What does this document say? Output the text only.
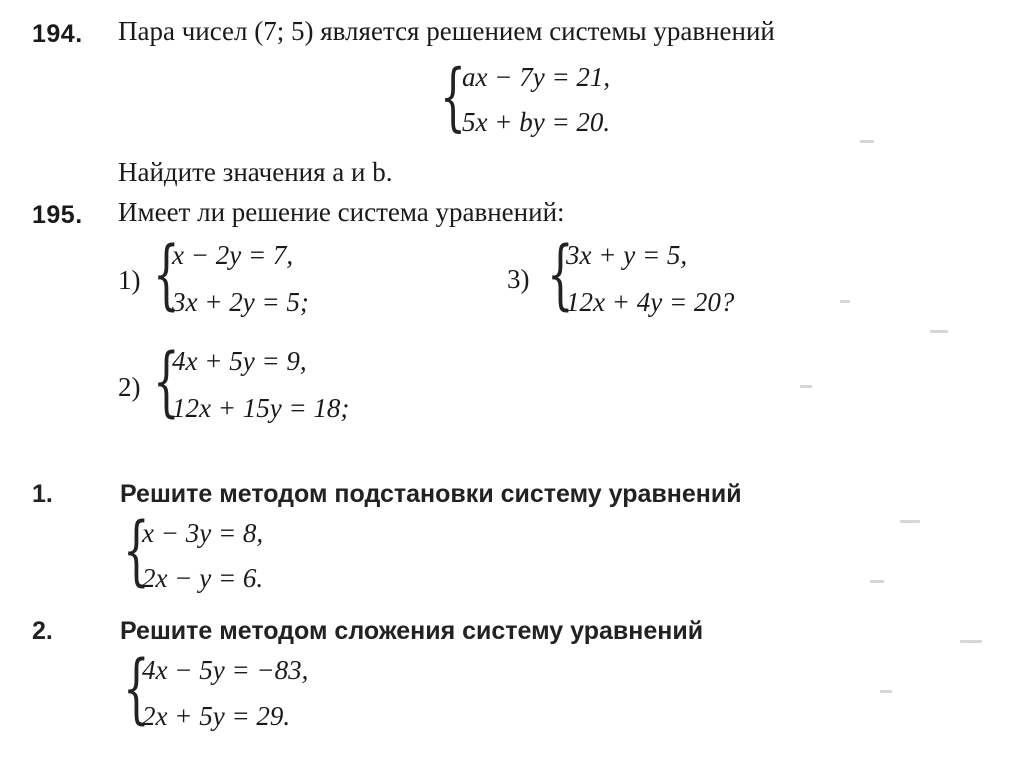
194. Пара чисел (7; 5) является решением системы уравнений
{
ax − 7y = 21,
5x + by = 20.
Найдите значения a и b.
195. Имеет ли решение система уравнений:
1) {
x − 2y = 7,
3x + 2y = 5;
3) {
3x + y = 5,
12x + 4y = 20?
2) {
4x + 5y = 9,
12x + 15y = 18;
1.	Решите методом подстановки систему уравнений
{
x − 3y = 8,
2x − y = 6.
2.	Решите методом сложения систему уравнений
{
4x − 5y = −83,
2x + 5y = 29.
